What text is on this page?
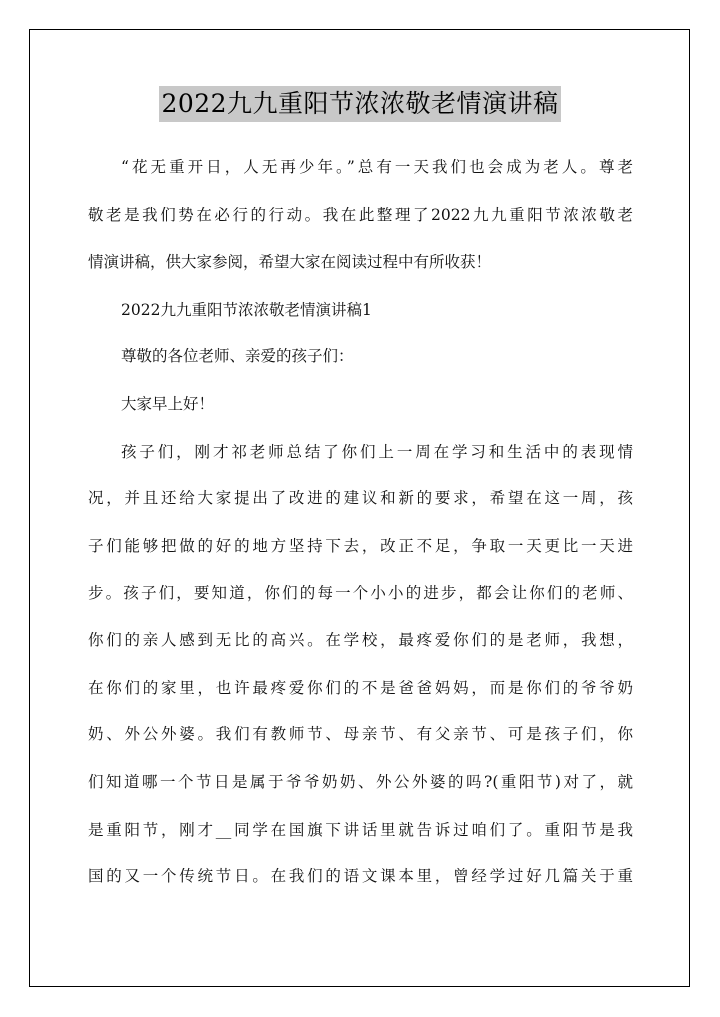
2022九九重阳节浓浓敬老情演讲稿
“花无重开日，人无再少年。”总有一天我们也会成为老人。尊老
敬老是我们势在必行的行动。我在此整理了2022九九重阳节浓浓敬老
情演讲稿，供大家参阅，希望大家在阅读过程中有所收获！
2022九九重阳节浓浓敬老情演讲稿1
尊敬的各位老师、亲爱的孩子们：
大家早上好！
孩子们，刚才祁老师总结了你们上一周在学习和生活中的表现情
况，并且还给大家提出了改进的建议和新的要求，希望在这一周，孩
子们能够把做的好的地方坚持下去，改正不足，争取一天更比一天进
步。孩子们，要知道，你们的每一个小小的进步，都会让你们的老师、
你们的亲人感到无比的高兴。在学校，最疼爱你们的是老师，我想，
在你们的家里，也许最疼爱你们的不是爸爸妈妈，而是你们的爷爷奶
奶、外公外婆。我们有教师节、母亲节、有父亲节、可是孩子们，你
们知道哪一个节日是属于爷爷奶奶、外公外婆的吗?(重阳节)对了，就
是重阳节，刚才__同学在国旗下讲话里就告诉过咱们了。重阳节是我
国的又一个传统节日。在我们的语文课本里，曾经学过好几篇关于重
